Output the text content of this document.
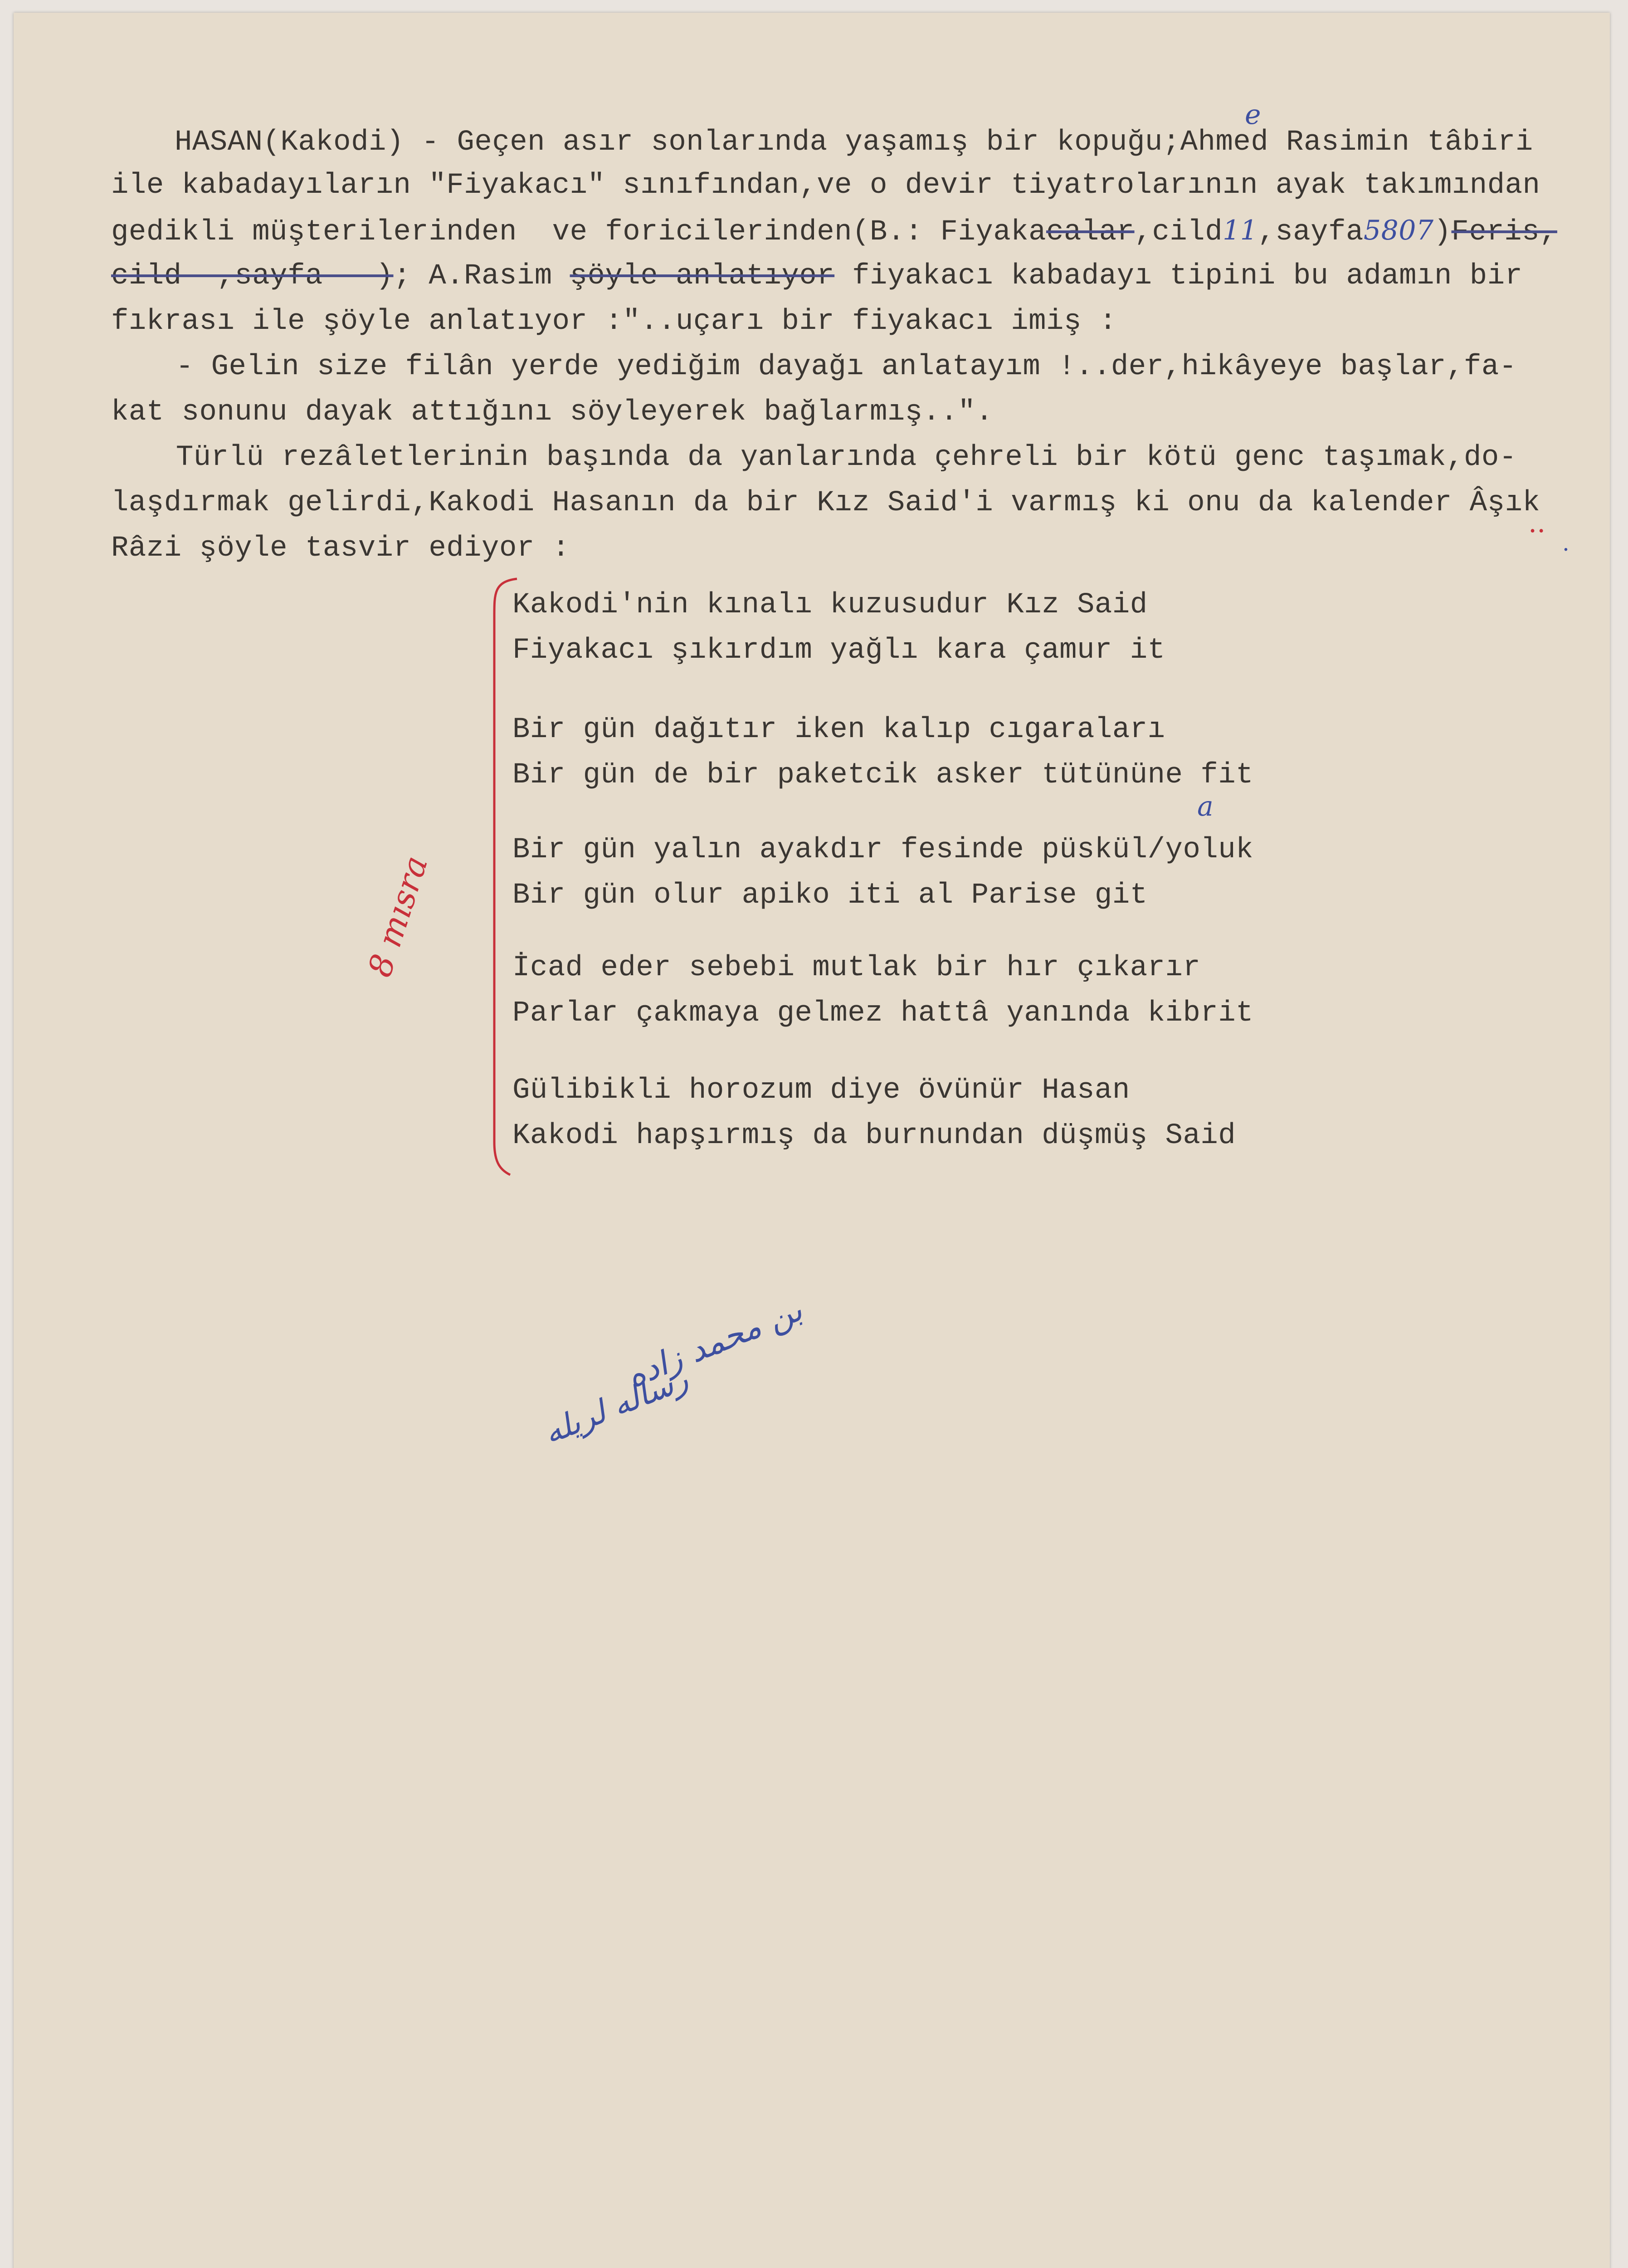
HASAN(Kakodi) - Geçen asır sonlarında yaşamış bir kopuğu;Ahmed Rasimin tâbiri
e
ile kabadayıların "Fiyakacı" sınıfından,ve o devir tiyatrolarının ayak takımından
gedikli müşterilerinden  ve foricilerinden(B.: Fiyakacalar,cild11,sayfa5807)Feris,
cild  ,sayfa   ); A.Rasim şöyle anlatıyor fiyakacı kabadayı tipini bu adamın bir
fıkrası ile şöyle anlatıyor :"..uçarı bir fiyakacı imiş :
- Gelin size filân yerde yediğim dayağı anlatayım !..der,hikâyeye başlar,fa-
kat sonunu dayak attığını söyleyerek bağlarmış..".
Türlü rezâletlerinin başında da yanlarında çehreli bir kötü genc taşımak,do-
laşdırmak gelirdi,Kakodi Hasanın da bir Kız Said'i varmış ki onu da kalender Âşık
..
Râzi şöyle tasvir ediyor :	.
Kakodi'nin kınalı kuzusudur Kız Said
Fiyakacı şıkırdım yağlı kara çamur it
Bir gün dağıtır iken kalıp cıgaraları
Bir gün de bir paketcik asker tütününe fit
a
Bir gün yalın ayakdır fesinde püskül/yoluk
Bir gün olur apiko iti al Parise git
İcad eder sebebi mutlak bir hır çıkarır
Parlar çakmaya gelmez hattâ yanında kibrit
Gülibikli horozum diye övünür Hasan
Kakodi hapşırmış da burnundan düşmüş Said
8 mısra
بن محمد زاده
رساله لریله
